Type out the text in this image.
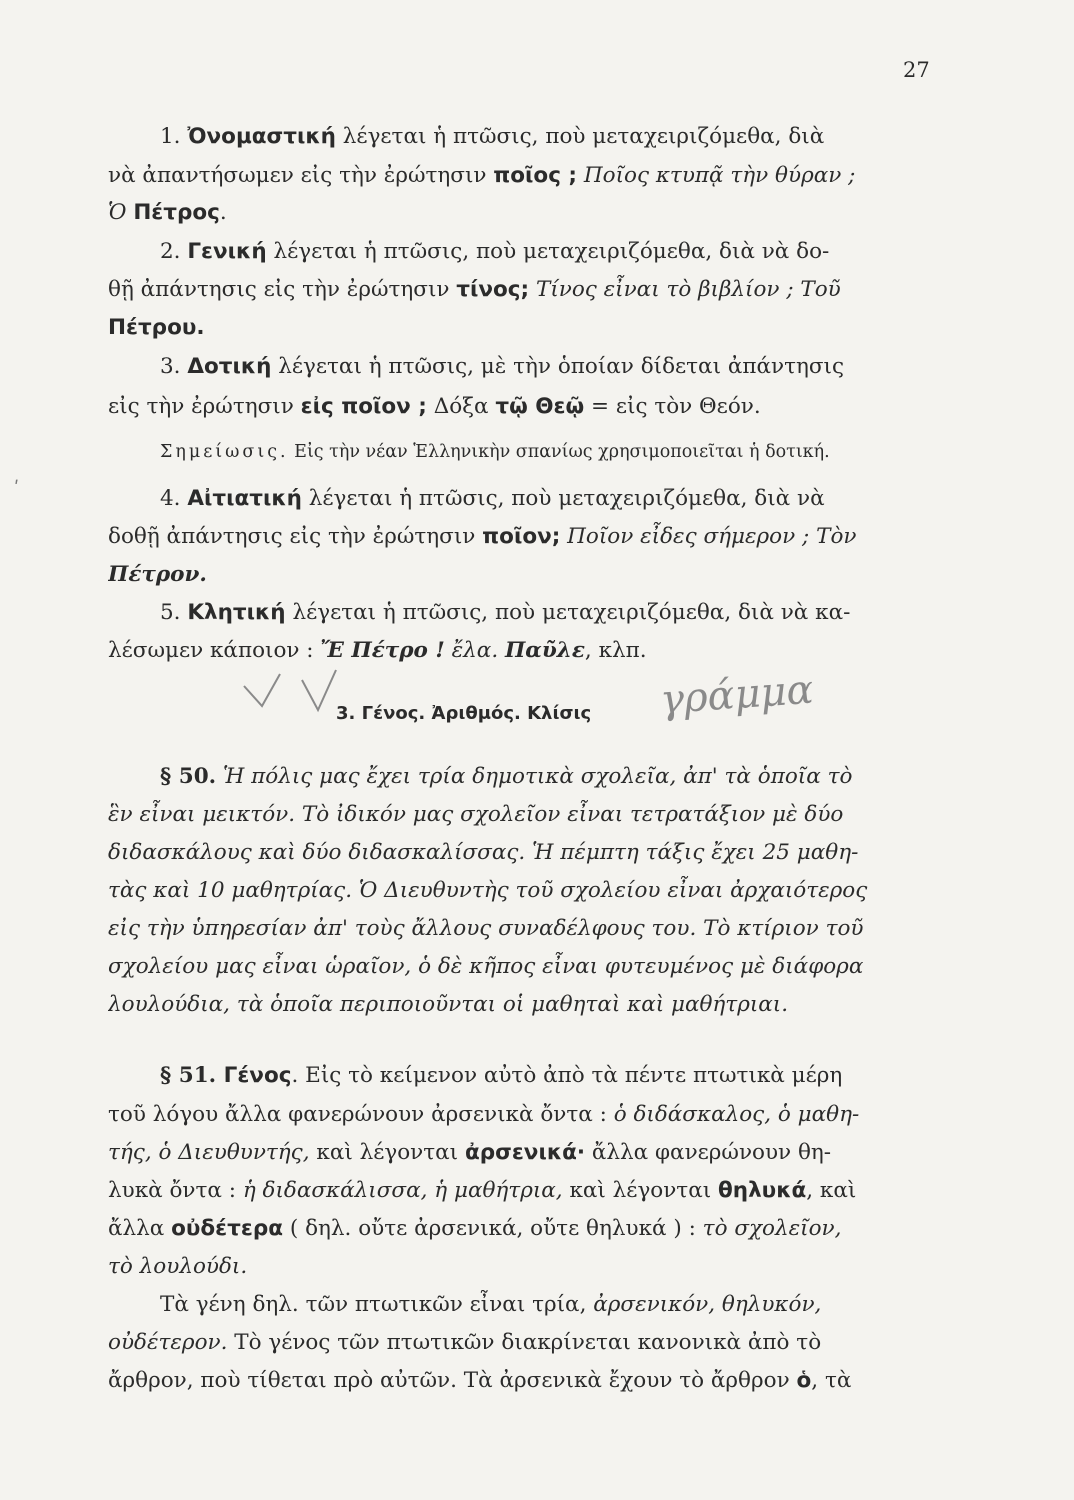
27
1. Ὀνομαστική λέγεται ἡ πτῶσις, ποὺ μεταχειριζόμεθα, διὰ
νὰ ἀπαντήσωμεν εἰς τὴν ἐρώτησιν ποῖος ; Ποῖος κτυπᾷ τὴν θύραν ;
Ὁ Πέτρος.
2. Γενική λέγεται ἡ πτῶσις, ποὺ μεταχειριζόμεθα, διὰ νὰ δο-
θῇ ἀπάντησις εἰς τὴν ἐρώτησιν τίνος; Τίνος εἶναι τὸ βιβλίον ; Τοῦ
Πέτρου.
3. Δοτική λέγεται ἡ πτῶσις, μὲ τὴν ὁποίαν δίδεται ἀπάντησις
εἰς τὴν ἐρώτησιν εἰς ποῖον ; Δόξα τῷ Θεῷ = εἰς τὸν Θεόν.
Σημείωσις. Εἰς τὴν νέαν Ἑλληνικὴν σπανίως χρησιμοποιεῖται ἡ δοτική.
ʹ	4. Αἰτιατική λέγεται ἡ πτῶσις, ποὺ μεταχειριζόμεθα, διὰ νὰ
δοθῇ ἀπάντησις εἰς τὴν ἐρώτησιν ποῖον; Ποῖον εἶδες σήμερον ; Τὸν
Πέτρον.
5. Κλητική λέγεται ἡ πτῶσις, ποὺ μεταχειριζόμεθα, διὰ νὰ κα-
λέσωμεν κάποιον : Ἔ Πέτρο ! ἔλα. Παῦλε, κλπ.
γράμμα
3. Γένος. Ἀριθμός. Κλίσις
§ 50. Ἡ πόλις μας ἔχει τρία δημοτικὰ σχολεῖα, ἀπ' τὰ ὁποῖα τὸ
ἓν εἶναι μεικτόν. Τὸ ἰδικόν μας σχολεῖον εἶναι τετρατάξιον μὲ δύο
διδασκάλους καὶ δύο διδασκαλίσσας. Ἡ πέμπτη τάξις ἔχει 25 μαθη-
τὰς καὶ 10 μαθητρίας. Ὁ Διευθυντὴς τοῦ σχολείου εἶναι ἀρχαιότερος
εἰς τὴν ὑπηρεσίαν ἀπ' τοὺς ἄλλους συναδέλφους του. Τὸ κτίριον τοῦ
σχολείου μας εἶναι ὡραῖον, ὁ δὲ κῆπος εἶναι φυτευμένος μὲ διάφορα
λουλούδια, τὰ ὁποῖα περιποιοῦνται οἱ μαθηταὶ καὶ μαθήτριαι.
§ 51. Γένος. Εἰς τὸ κείμενον αὐτὸ ἀπὸ τὰ πέντε πτωτικὰ μέρη
τοῦ λόγου ἄλλα φανερώνουν ἀρσενικὰ ὄντα : ὁ διδάσκαλος, ὁ μαθη-
τής, ὁ Διευθυντής, καὶ λέγονται ἀρσενικά· ἄλλα φανερώνουν θη-
λυκὰ ὄντα : ἡ διδασκάλισσα, ἡ μαθήτρια, καὶ λέγονται θηλυκά, καὶ
ἄλλα οὐδέτερα ( δηλ. οὔτε ἀρσενικά, οὔτε θηλυκά ) : τὸ σχολεῖον,
τὸ λουλούδι.
Τὰ γένη δηλ. τῶν πτωτικῶν εἶναι τρία, ἀρσενικόν, θηλυκόν,
οὐδέτερον. Τὸ γένος τῶν πτωτικῶν διακρίνεται κανονικὰ ἀπὸ τὸ
ἄρθρον, ποὺ τίθεται πρὸ αὐτῶν. Τὰ ἀρσενικὰ ἔχουν τὸ ἄρθρον ὁ, τὰ
